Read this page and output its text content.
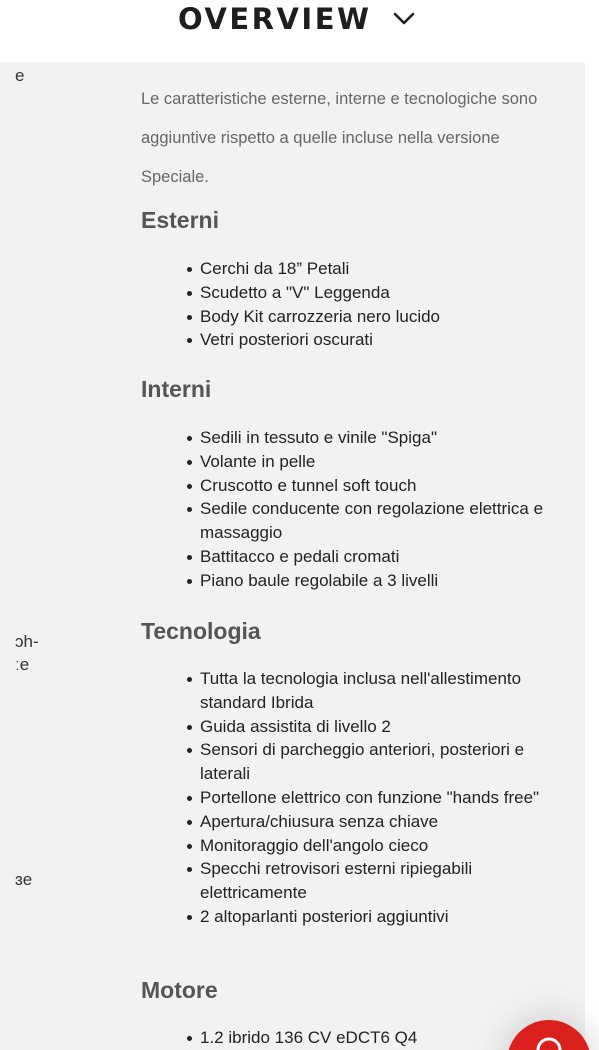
OVERVIEW
e
ɔh-
ːe
ɜe

Le caratteristiche esterne, interne e tecnologiche sono aggiuntive rispetto a quelle incluse nella versione Speciale.

Esterni
Cerchi da 18” Petali
Scudetto a "V" Leggenda
Body Kit carrozzeria nero lucido
Vetri posteriori oscurati
Interni
Sedili in tessuto e vinile "Spiga"
Volante in pelle
Cruscotto e tunnel soft touch
Sedile conducente con regolazione elettrica e massaggio
Battitacco e pedali cromati
Piano baule regolabile a 3 livelli
Tecnologia
Tutta la tecnologia inclusa nell'allestimento standard Ibrida
Guida assistita di livello 2
Sensori di parcheggio anteriori, posteriori e laterali
Portellone elettrico con funzione "hands free"
Apertura/chiusura senza chiave
Monitoraggio dell'angolo cieco
Specchi retrovisori esterni ripiegabili elettricamente
2 altoparlanti posteriori aggiuntivi
Motore
1.2 ibrido 136 CV eDCT6 Q4
